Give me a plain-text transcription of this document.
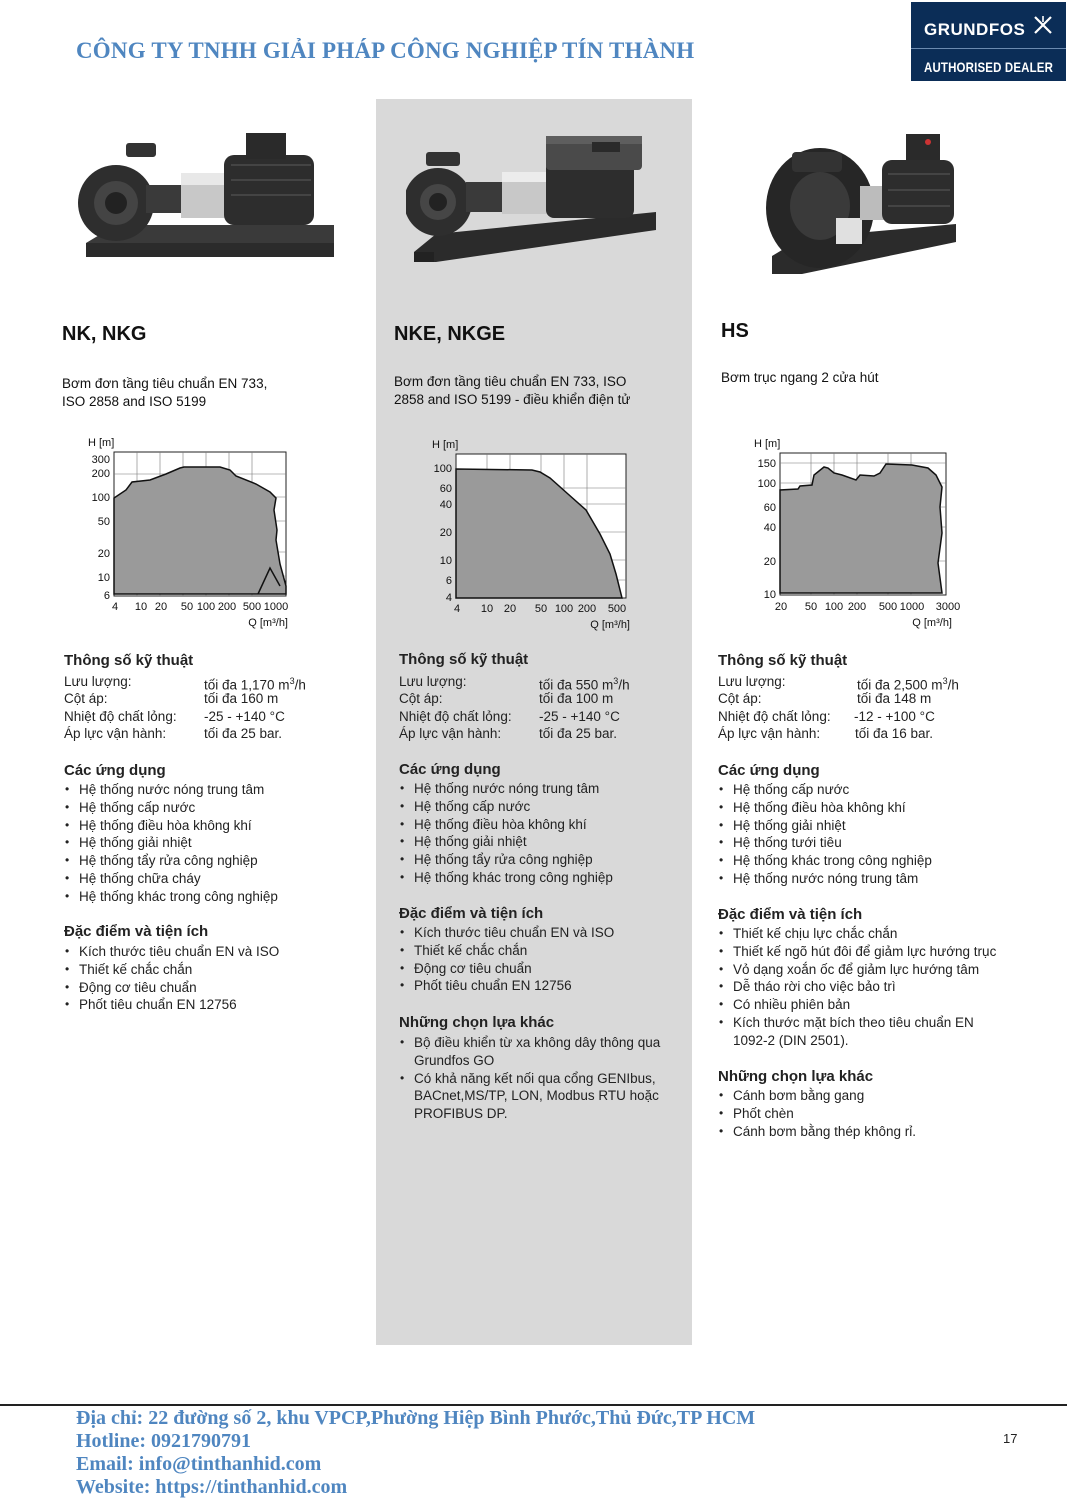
CÔNG TY TNHH GIẢI PHÁP CÔNG NGHIỆP TÍN THÀNH
GRUNDFOS
AUTHORISED DEALER
NK, NKG
Bơm đơn tầng tiêu chuẩn EN 733,
ISO 2858 and ISO 5199
H [m]
300
200
100
50
20
10
6
4 10 20 50 100 200 500 1000
Q [m³/h]
Thông số kỹ thuật
Lưu lượng:	tối đa 1,170 $m^3/h$
Cột áp:	tối đa 160 m
Nhiệt độ chất lỏng: -25 - +140 °C
Áp lực vận hành:	tối đa 25 bar.
Các ứng dụng
• Hệ thống nước nóng trung tâm
• Hệ thống cấp nước
• Hệ thống điều hòa không khí
• Hệ thống giải nhiệt
• Hệ thống tẩy rửa công nghiệp
• Hệ thống chữa cháy
• Hệ thống khác trong công nghiệp
Đặc điểm và tiện ích
• Kích thước tiêu chuẩn EN và ISO
• Thiết kế chắc chắn
• Động cơ tiêu chuẩn
• Phốt tiêu chuẩn EN 12756
NKE, NKGE
Bơm đơn tầng tiêu chuẩn EN 733, ISO
2858 and ISO 5199 - điều khiển điện tử
H [m]
100
60
40
20
10
6
4
4 10 20 50 100 200 500
Q [m³/h]
Thông số kỹ thuật
Lưu lượng:	tối đa 550 $m^3/h$
Cột áp:	tối đa 100 m
Nhiệt độ chất lỏng: -25 - +140 °C
Áp lực vận hành:	tối đa 25 bar.
Các ứng dụng
• Hệ thống nước nóng trung tâm
• Hệ thống cấp nước
• Hệ thống điều hòa không khí
• Hệ thống giải nhiệt
• Hệ thống tẩy rửa công nghiệp
• Hệ thống khác trong công nghiệp
Đặc điểm và tiện ích
• Kích thước tiêu chuẩn EN và ISO
• Thiết kế chắc chắn
• Động cơ tiêu chuẩn
• Phốt tiêu chuẩn EN 12756
Những chọn lựa khác
• Bộ điều khiển từ xa không dây thông qua Grundfos GO
• Có khả năng kết nối qua cổng GENIbus, BACnet,MS/TP, LON, Modbus RTU hoặc PROFIBUS DP.
HS
Bơm trục ngang 2 cửa hút
H [m]
150
100
60
40
20
10
20 50 100 200 500 1000 3000
Q [m³/h]
Thông số kỹ thuật
Lưu lượng:	tối đa 2,500 $m^3/h$
Cột áp:	tối đa 148 m
Nhiệt độ chất lỏng: -12 - +100 °C
Áp lực vận hành:	tối đa 16 bar.
Các ứng dụng
• Hệ thống cấp nước
• Hệ thống điều hòa không khí
• Hệ thống giải nhiệt
• Hệ thống tưới tiêu
• Hệ thống khác trong công nghiệp
• Hệ thống nước nóng trung tâm
Đặc điểm và tiện ích
• Thiết kế chịu lực chắc chắn
• Thiết kế ngõ hút đôi để giảm lực hướng trục
• Vỏ dạng xoắn ốc để giảm lực hướng tâm
• Dễ tháo rời cho việc bảo trì
• Có nhiều phiên bản
• Kích thước mặt bích theo tiêu chuẩn EN 1092-2 (DIN 2501).
Những chọn lựa khác
• Cánh bơm bằng gang
• Phốt chèn
• Cánh bơm bằng thép không rỉ.
Địa chỉ: 22 đường số 2, khu VPCP,Phường Hiệp Bình Phước,Thủ Đức,TP HCM
Hotline: 0921790791
Email: info@tinthanhid.com
Website: https://tinthanhid.com
17
